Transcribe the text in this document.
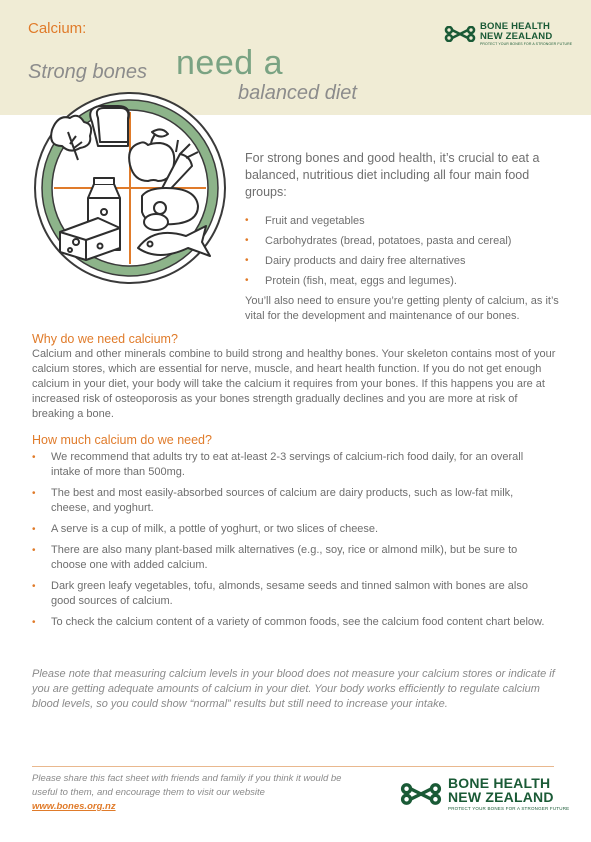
Calcium:
Strong bones need a
balanced diet
BONE HEALTH
NEW ZEALAND
PROTECT YOUR BONES FOR A STRONGER FUTURE

For strong bones and good health, it’s crucial to eat a balanced, nutritious diet including all four main food groups:

• Fruit and vegetables
• Carbohydrates (bread, potatoes, pasta and cereal)
• Dairy products and dairy free alternatives
• Protein (fish, meat, eggs and legumes).

You’ll also need to ensure you’re getting plenty of calcium, as it’s vital for the development and maintenance of our bones.

Why do we need calcium?

Calcium and other minerals combine to build strong and healthy bones. Your skeleton contains most of your calcium stores, which are essential for nerve, muscle, and heart health function. If you do not get enough calcium in your diet, your body will take the calcium it requires from your bones. If this happens you are at increased risk of osteoporosis as your bones strength gradually declines and you are more at risk of breaking a bone.

How much calcium do we need?
• We recommend that adults try to eat at-least 2-3 servings of calcium-rich food daily, for an overall intake of more than 500mg.
• The best and most easily-absorbed sources of calcium are dairy products, such as low-fat milk, cheese, and yoghurt.
• A serve is a cup of milk, a pottle of yoghurt, or two slices of cheese.
• There are also many plant-based milk alternatives (e.g., soy, rice or almond milk), but be sure to choose one with added calcium.
• Dark green leafy vegetables, tofu, almonds, sesame seeds and tinned salmon with bones are also good sources of calcium.
• To check the calcium content of a variety of common foods, see the calcium food content chart below.

Please note that measuring calcium levels in your blood does not measure your calcium stores or indicate if you are getting adequate amounts of calcium in your diet. Your body works efficiently to regulate calcium blood levels, so you could show “normal” results but still need to increase your intake.

Please share this fact sheet with friends and family if you think it would be useful to them, and encourage them to visit our website www.bones.org.nz

BONE HEALTH
NEW ZEALAND
PROTECT YOUR BONES FOR A STRONGER FUTURE
